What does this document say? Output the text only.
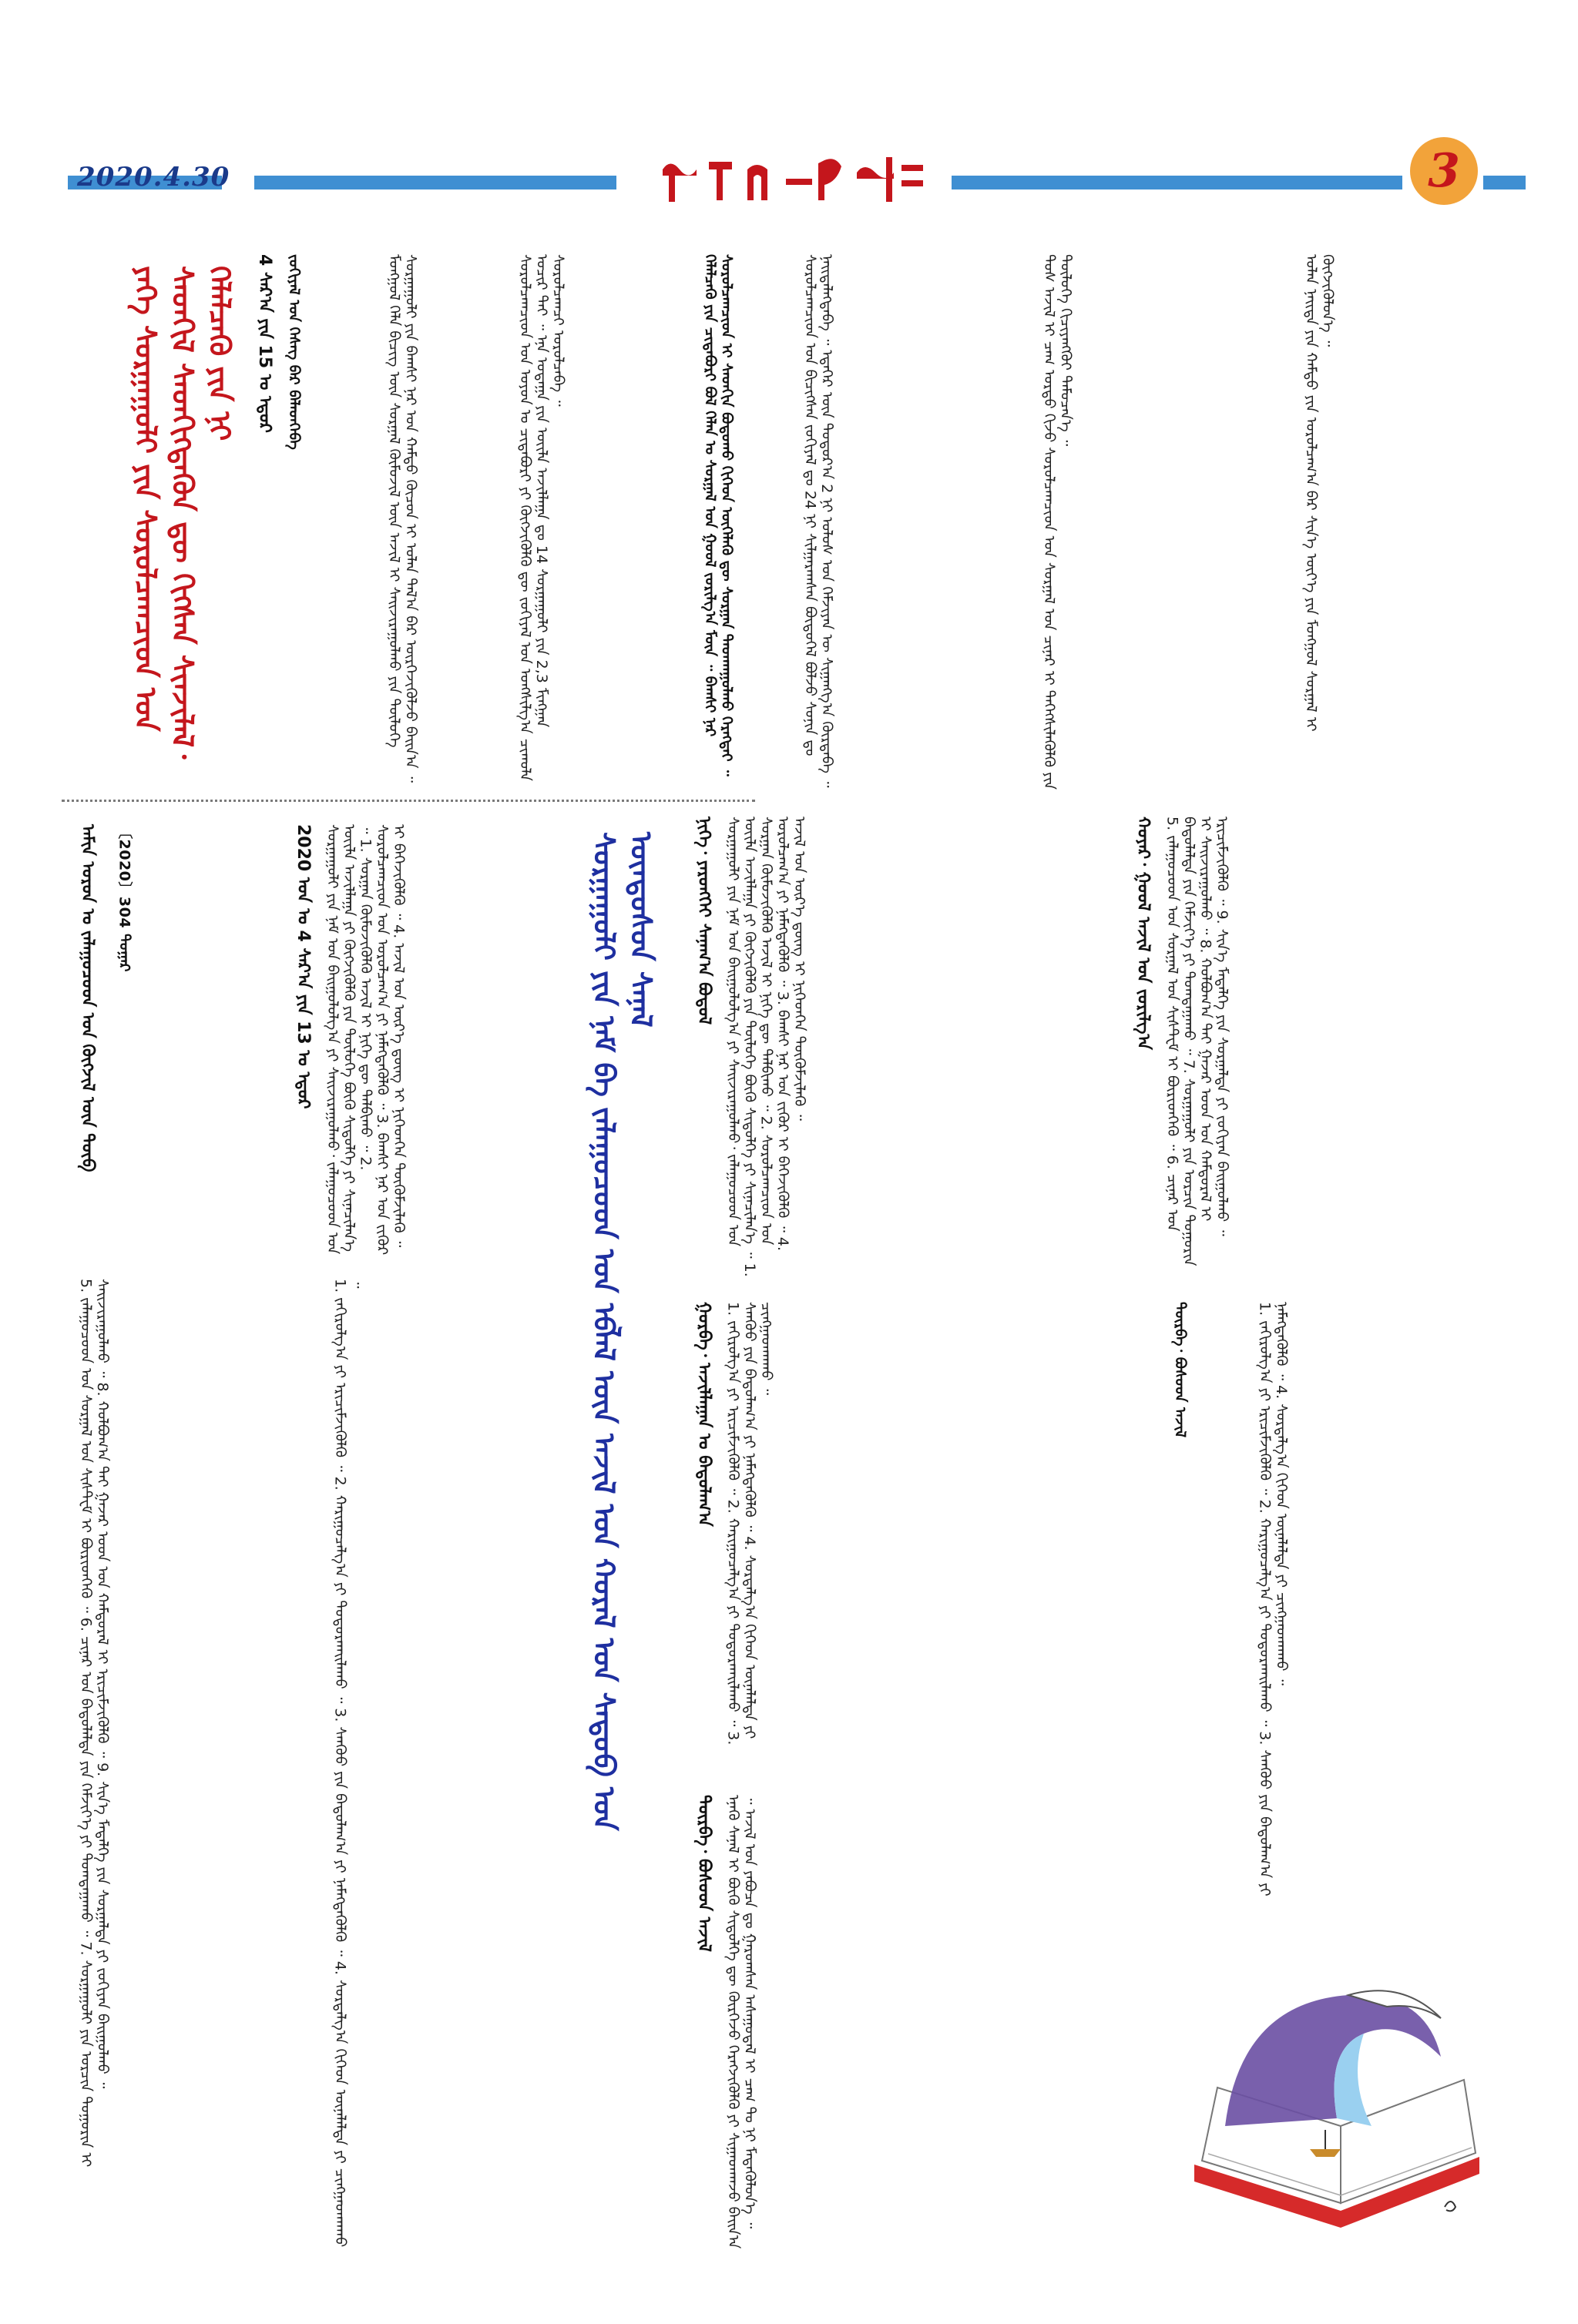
2020.4.30	3
ᠶᠡᠬᠡ ᠰᠤᠷᠭᠠᠭᠤᠯᠢ ᠶᠢᠨ ᠰᠤᠷᠤᠯᠴᠠᠭᠴᠢᠳ ᠤᠨ ᠰᠡᠳᠭᠢᠯ ᠰᠡᠳᠬᠢᠭᠳᠡᠬᠦᠨ ᠳᠦ ᠬᠢᠭᠰᠡᠨ ᠰᠢᠨᠵᠢᠯᠡᠯ᠂ ᠬᠡᠯᠡᠯᠴᠡᠬᠦ ᠶᠢᠨ ᠨᠢ	4 ᠰᠠᠷ᠎ᠠ ᠶᠢᠨ 15 ᠤ ᠡᠳᠦᠷ ᠵᠣᠬᠢᠶᠠᠯ ᠤᠨ ᠬᠡᠰᠡᠭ ᠪᠠᠷ ᠪᠡᠯᠡᠳᠬᠡᠪᠡ	ᠮᠣᠩᠭᠣᠯ ᠬᠡᠯᠡ ᠪᠢᠴᠢᠭ ᠦᠨ ᠰᠤᠷᠭᠠᠯ ᠬᠦᠮᠦᠵᠢᠯ ᠦᠨ ᠠᠵᠢᠯ ᠢ ᠰᠠᠢᠵᠢᠷᠠᠭᠤᠯᠬᠤ ᠶᠢᠨ ᠲᠥᠯᠥᠭᠡ ᠰᠤᠷᠭᠠᠭᠤᠯᠢ ᠶᠢᠨ ᠪᠠᠭᠰᠢ ᠨᠠᠷ ᠤᠨ ᠬᠠᠮᠲᠤ ᠬᠦᠴᠦᠨ ᠢ ᠣᠯᠠᠨ ᠲᠠᠯ᠎ᠠ ᠪᠠᠷ ᠥᠷᠭᠡᠵᠢᠭᠦᠯᠵᠦ ᠪᠠᠢᠨ᠎ᠠ ᠃	ᠰᠤᠷᠤᠯᠴᠠᠭᠴᠢᠳ ᠤᠨ ᠣᠶᠤᠨ ᠤ ᠴᠢᠳᠠᠪᠤᠷᠢ ᠶᠢ ᠬᠥᠭᠵᠢᠭᠦᠯᠬᠦ ᠳᠦ ᠵᠣᠬᠢᠶᠠᠯ ᠤᠨ ᠤᠩᠰᠢᠯᠭ᠎ᠠ ᠴᠢᠬᠤᠯᠠ ᠤᠴᠢᠷ ᠲᠠᠢ ᠃ ᠡᠨᠡ ᠤᠳᠠᠭᠠ ᠶᠢᠨ ᠦᠢᠯᠡ ᠠᠵᠢᠯᠯᠠᠭᠠ ᠳᠤ 14 ᠰᠤᠷᠭᠠᠭᠤᠯᠢ ᠶᠢᠨ 2,3 ᠮᠢᠩᠭᠠᠨ ᠰᠤᠷᠤᠯᠴᠠᠭᠴᠢ ᠣᠷᠣᠯᠴᠠᠪᠠ ᠃	ᠬᠡᠯᠡᠯᠴᠡᠬᠦ ᠶᠢᠨ ᠴᠢᠳᠠᠪᠤᠷᠢ ᠪᠣᠯ ᠬᠡᠯᠡᠨ ᠤ ᠰᠤᠷᠭᠠᠯ ᠤᠨ ᠭᠣᠣᠯ ᠵᠣᠷᠢᠯᠭ᠎ᠠ ᠮᠥᠨ ᠃ ᠪᠠᠭᠰᠢ ᠨᠠᠷ ᠰᠤᠷᠤᠯᠴᠠᠭᠴᠢᠳ ᠢ ᠰᠡᠳᠬᠢᠨ ᠪᠣᠳᠤᠬᠤ ᠬᠢᠭᠡᠳ ᠦᠭᠡᠯᠡᠬᠦ ᠳᠦ ᠰᠤᠷᠭᠠᠨ ᠳᠠᠳᠬᠠᠭᠤᠯᠬᠤ ᠬᠡᠷᠡᠭᠲᠡᠢ ᠃	ᠰᠤᠷᠤᠯᠴᠠᠭᠴᠢᠳ ᠤᠨ ᠪᠢᠴᠢᠭᠰᠡᠨ ᠵᠣᠬᠢᠶᠠᠯ ᠳᠤ 24 ᠨᠢ ᠰᠢᠯᠭᠠᠷᠠᠭᠰᠠᠨ ᠪᠦᠲᠦᠭᠡᠯ ᠪᠣᠯᠵᠤ ᠰᠣᠨᠢᠨ ᠳᠤ ᠨᠡᠢᠲᠡᠯᠡᠭᠳᠡᠪᠡ ᠃ ᠡᠳᠡᠭᠡᠷ ᠦᠨ ᠳᠣᠲᠣᠷ᠎ᠠ 2 ᠨᠢ ᠤᠯᠤᠰ ᠤᠨ ᠬᠡᠮᠵᠢᠶᠡᠨ ᠦ ᠰᠢᠭᠠᠩᠭ᠎ᠠ ᠬᠦᠷᠲᠡᠪᠡ ᠃	ᠲᠤᠰ ᠠᠵᠢᠯ ᠢ ᠴᠠᠭ ᠤᠷᠲᠤ ᠬᠢᠵᠦ ᠰᠤᠷᠤᠯᠴᠠᠭᠴᠢᠳ ᠤᠨ ᠰᠤᠷᠭᠠᠯ ᠤᠨ ᠴᠢᠨᠠᠷ ᠢ ᠳᠡᠭᠡᠭᠰᠢᠯᠡᠭᠦᠯᠬᠦ ᠶᠢᠨ ᠲᠥᠯᠥᠭᠡ ᠬᠢᠴᠢᠶᠡᠩᠭᠦᠢ ᠲᠡᠮᠦᠴᠡᠨ᠎ᠡ ᠃	ᠣᠯᠠᠨ ᠨᠡᠢᠲᠡ ᠶᠢᠨ ᠬᠠᠮᠲᠤ ᠶᠢᠨ ᠣᠷᠣᠯᠴᠠᠭ᠎ᠠ ᠪᠠᠷ ᠰᠢᠨ᠎ᠡ ᠦᠶ᠎ᠡ ᠶᠢᠨ ᠮᠣᠩᠭᠣᠯ ᠰᠤᠷᠭᠠᠯ ᠢ ᠬᠥᠭᠵᠢᠭᠦᠯᠦᠨ᠎ᠡ ᠃
ᠠᠮᠢᠨ ᠣᠷᠣᠨ ᠤ ᠵᠠᠯᠠᠭᠤᠴᠤᠳ ᠤᠨ ᠬᠥᠭᠵᠢᠯ ᠦᠨ ᠲᠥᠪ 〔2020〕304 ᠳᠤᠭᠠᠷ	2020 ᠣᠨ ᠤ 4 ᠰᠠᠷ᠎ᠠ ᠶᠢᠨ 13 ᠤ ᠡᠳᠦᠷ ᠰᠤᠷᠭᠠᠭᠤᠯᠢ ᠶᠢᠨ ᠨᠠᠮ ᠤᠨ ᠪᠠᠢᠭᠤᠯᠤᠯᠭ᠎ᠠ ᠶᠢ ᠰᠠᠢᠵᠢᠷᠠᠭᠤᠯᠬᠤ᠂ ᠵᠠᠯᠠᠭᠤᠴᠤᠳ ᠤᠨ ᠦᠢᠯᠡ ᠠᠵᠢᠯᠯᠠᠭᠠ ᠶᠢ ᠬᠥᠭᠵᠢᠭᠦᠯᠬᠦ ᠶᠢᠨ ᠲᠥᠯᠥᠭᠡ ᠪᠦᠬᠦ ᠰᠢᠲᠦᠯᠭᠡ ᠶᠢ ᠰᠢᠨᠡᠴᠢᠯᠡᠨ᠎ᠡ ᠃ 1. ᠰᠤᠷᠭᠠᠨ ᠬᠦᠮᠦᠵᠢᠭᠦᠯᠬᠦ ᠠᠵᠢᠯ ᠢ ᠨᠢᠭᠡ ᠳᠦ ᠲᠠᠯᠪᠢᠬᠤ ᠃ 2. ᠰᠤᠷᠤᠯᠴᠠᠭᠴᠢᠳ ᠤᠨ ᠣᠷᠣᠯᠴᠠᠭ᠎ᠠ ᠶᠢ ᠨᠡᠮᠡᠭᠳᠡᠭᠦᠯᠬᠦ ᠃ 3. ᠪᠠᠭᠰᠢ ᠨᠠᠷ ᠤᠨ ᠵᠢᠭᠦᠷ ᠢ ᠪᠡᠬᠡᠵᠢᠭᠦᠯᠬᠦ ᠃ 4. ᠠᠵᠢᠯ ᠤᠨ ᠦᠷ᠎ᠡ ᠳ᠋ᠦᠩ ᠢ ᠨᠢᠭᠡᠳᠬᠡᠨ ᠳᠦᠭᠦᠮᠵᠢᠯᠡᠬᠦ ᠃	ᠰᠤᠷᠭᠠᠭᠤᠯᠢ ᠶᠢᠨ ᠨᠠᠮ ᠪᠠ ᠵᠠᠯᠠᠭᠤᠴᠤᠳ ᠤᠨ ᠡᠪᠯᠡᠯ ᠦᠨ ᠠᠵᠢᠯ ᠤᠨ ᠬᠤᠷᠠᠯ ᠤᠨ ᠰᠡᠳᠦᠪ ᠤᠨ ᠦᠨᠳᠦᠰᠦᠨ ᠰᠠᠨᠠᠯ
5. ᠵᠠᠯᠠᠭᠤᠴᠤᠳ ᠤᠨ ᠰᠤᠷᠭᠠᠯ ᠤᠨ ᠰᠢᠰᠲ᠋ᠧᠮ ᠢ ᠪᠦᠷᠢᠳᠬᠡᠬᠦ ᠃ 6. ᠴᠢᠨᠠᠷ ᠤᠨ ᠪᠠᠲᠤᠯᠠᠯᠲᠠ ᠶᠢᠨ ᠬᠡᠮᠵᠢᠶ᠎ᠡ ᠶᠢ ᠲᠣᠭᠲᠠᠭᠠᠬᠤ ᠃ 7. ᠰᠤᠷᠭᠠᠭᠤᠯᠢ ᠶᠢᠨ ᠣᠷᠴᠢᠨ ᠲᠣᠭᠣᠷᠢᠨ ᠢ ᠰᠠᠢᠵᠢᠷᠠᠭᠤᠯᠬᠤ ᠃ 8. ᠬᠣᠯᠪᠣᠭ᠎ᠠ ᠲᠠᠢ ᠭᠠᠵᠠᠷ ᠤᠳ ᠤᠨ ᠬᠠᠮᠲᠤᠷᠠᠯ ᠢ ᠡᠷᠢᠴᠢᠮᠵᠢᠭᠦᠯᠬᠦ ᠃ 9. ᠰᠢᠨ᠎ᠡ ᠮᠡᠳᠡᠯᠭᠡ ᠶᠢᠨ ᠰᠤᠷᠭᠠᠯᠲᠠ ᠶᠢ ᠵᠣᠬᠢᠶᠠᠨ ᠪᠠᠢᠭᠤᠯᠬᠤ ᠃	1. ᠵᠠᠬᠢᠷᠤᠯᠭ᠎ᠠ ᠶᠢ ᠡᠷᠢᠴᠢᠮᠵᠢᠭᠦᠯᠬᠦ ᠃ 2. ᠬᠠᠷᠢᠭᠤᠴᠠᠯᠭ᠎ᠠ ᠶᠢ ᠲᠣᠳᠣᠷᠬᠠᠢᠯᠠᠬᠤ ᠃ 3. ᠰᠠᠨᠬᠦᠦ ᠶᠢᠨ ᠪᠠᠲᠤᠯᠠᠭ᠎ᠠ ᠶᠢ ᠨᠡᠮᠡᠭᠳᠡᠭᠦᠯᠬᠦ ᠃ 4. ᠰᠤᠷᠳᠠᠯᠭ᠎ᠠ ᠬᠢᠭᠡᠳ ᠦᠨᠡᠯᠡᠯᠲᠡ ᠶᠢ ᠴᠢᠩᠭᠠᠳᠬᠠᠬᠤ ᠃
ᠨᠢᠭᠡ᠂ ᠶᠡᠷᠦᠩᠬᠡᠢ ᠰᠠᠨᠠᠭ᠎ᠠ ᠪᠣᠳᠤᠯ ᠰᠤᠷᠭᠠᠭᠤᠯᠢ ᠶᠢᠨ ᠨᠠᠮ ᠤᠨ ᠪᠠᠢᠭᠤᠯᠤᠯᠭ᠎ᠠ ᠶᠢ ᠰᠠᠢᠵᠢᠷᠠᠭᠤᠯᠬᠤ᠂ ᠵᠠᠯᠠᠭᠤᠴᠤᠳ ᠤᠨ ᠦᠢᠯᠡ ᠠᠵᠢᠯᠯᠠᠭᠠ ᠶᠢ ᠬᠥᠭᠵᠢᠭᠦᠯᠬᠦ ᠶᠢᠨ ᠲᠥᠯᠥᠭᠡ ᠪᠦᠬᠦ ᠰᠢᠲᠦᠯᠭᠡ ᠶᠢ ᠰᠢᠨᠡᠴᠢᠯᠡᠨ᠎ᠡ ᠃ 1. ᠰᠤᠷᠭᠠᠨ ᠬᠦᠮᠦᠵᠢᠭᠦᠯᠬᠦ ᠠᠵᠢᠯ ᠢ ᠨᠢᠭᠡ ᠳᠦ ᠲᠠᠯᠪᠢᠬᠤ ᠃ 2. ᠰᠤᠷᠤᠯᠴᠠᠭᠴᠢᠳ ᠤᠨ ᠣᠷᠣᠯᠴᠠᠭ᠎ᠠ ᠶᠢ ᠨᠡᠮᠡᠭᠳᠡᠭᠦᠯᠬᠦ ᠃ 3. ᠪᠠᠭᠰᠢ ᠨᠠᠷ ᠤᠨ ᠵᠢᠭᠦᠷ ᠢ ᠪᠡᠬᠡᠵᠢᠭᠦᠯᠬᠦ ᠃ 4. ᠠᠵᠢᠯ ᠤᠨ ᠦᠷ᠎ᠡ ᠳ᠋ᠦᠩ ᠢ ᠨᠢᠭᠡᠳᠬᠡᠨ ᠳᠦᠭᠦᠮᠵᠢᠯᠡᠬᠦ ᠃	ᠬᠣᠶᠠᠷ᠂ ᠭᠣᠣᠯ ᠠᠵᠢᠯ ᠤᠨ ᠵᠣᠷᠢᠯᠭ᠎ᠠ 5. ᠵᠠᠯᠠᠭᠤᠴᠤᠳ ᠤᠨ ᠰᠤᠷᠭᠠᠯ ᠤᠨ ᠰᠢᠰᠲ᠋ᠧᠮ ᠢ ᠪᠦᠷᠢᠳᠬᠡᠬᠦ ᠃ 6. ᠴᠢᠨᠠᠷ ᠤᠨ ᠪᠠᠲᠤᠯᠠᠯᠲᠠ ᠶᠢᠨ ᠬᠡᠮᠵᠢᠶ᠎ᠡ ᠶᠢ ᠲᠣᠭᠲᠠᠭᠠᠬᠤ ᠃ 7. ᠰᠤᠷᠭᠠᠭᠤᠯᠢ ᠶᠢᠨ ᠣᠷᠴᠢᠨ ᠲᠣᠭᠣᠷᠢᠨ ᠢ ᠰᠠᠢᠵᠢᠷᠠᠭᠤᠯᠬᠤ ᠃ 8. ᠬᠣᠯᠪᠣᠭ᠎ᠠ ᠲᠠᠢ ᠭᠠᠵᠠᠷ ᠤᠳ ᠤᠨ ᠬᠠᠮᠲᠤᠷᠠᠯ ᠢ ᠡᠷᠢᠴᠢᠮᠵᠢᠭᠦᠯᠬᠦ ᠃ 9. ᠰᠢᠨ᠎ᠡ ᠮᠡᠳᠡᠯᠭᠡ ᠶᠢᠨ ᠰᠤᠷᠭᠠᠯᠲᠠ ᠶᠢ ᠵᠣᠬᠢᠶᠠᠨ ᠪᠠᠢᠭᠤᠯᠬᠤ ᠃
ᠭᠤᠷᠪᠠ᠂ ᠠᠵᠢᠯᠯᠠᠭᠠᠨ ᠤ ᠪᠠᠲᠤᠯᠠᠭ᠎ᠠ 1. ᠵᠠᠬᠢᠷᠤᠯᠭ᠎ᠠ ᠶᠢ ᠡᠷᠢᠴᠢᠮᠵᠢᠭᠦᠯᠬᠦ ᠃ 2. ᠬᠠᠷᠢᠭᠤᠴᠠᠯᠭ᠎ᠠ ᠶᠢ ᠲᠣᠳᠣᠷᠬᠠᠢᠯᠠᠬᠤ ᠃ 3. ᠰᠠᠨᠬᠦᠦ ᠶᠢᠨ ᠪᠠᠲᠤᠯᠠᠭ᠎ᠠ ᠶᠢ ᠨᠡᠮᠡᠭᠳᠡᠭᠦᠯᠬᠦ ᠃ 4. ᠰᠤᠷᠳᠠᠯᠭ᠎ᠠ ᠬᠢᠭᠡᠳ ᠦᠨᠡᠯᠡᠯᠲᠡ ᠶᠢ ᠴᠢᠩᠭᠠᠳᠬᠠᠬᠤ ᠃
ᠳᠥᠷᠪᠡ᠂ ᠪᠤᠰᠤᠳ ᠠᠵᠢᠯ ᠡᠨᠡᠬᠦ ᠰᠠᠨᠠᠯ ᠢ ᠪᠦᠬᠦ ᠰᠢᠲᠦᠯᠭᠡ ᠳᠦ ᠬᠦᠷᠭᠡᠵᠦ ᠬᠡᠷᠡᠭᠵᠢᠭᠦᠯᠬᠦ ᠶᠢ ᠰᠢᠭᠠᠳᠬᠠᠵᠤ ᠪᠠᠢᠨ᠎ᠠ ᠃ ᠠᠵᠢᠯ ᠤᠨ ᠶᠠᠪᠤᠴᠠ ᠳᠤ ᠭᠠᠷᠤᠭᠰᠠᠨ ᠠᠰᠠᠭᠤᠳᠠᠯ ᠢ ᠴᠠᠭ ᠲᠤ ᠨᠢ ᠮᠡᠳᠡᠭᠦᠯᠦᠨ᠎ᠡ ᠃
ᠳᠥᠷᠪᠡ᠂ ᠪᠤᠰᠤᠳ ᠠᠵᠢᠯ	1. ᠵᠠᠬᠢᠷᠤᠯᠭ᠎ᠠ ᠶᠢ ᠡᠷᠢᠴᠢᠮᠵᠢᠭᠦᠯᠬᠦ ᠃ 2. ᠬᠠᠷᠢᠭᠤᠴᠠᠯᠭ᠎ᠠ ᠶᠢ ᠲᠣᠳᠣᠷᠬᠠᠢᠯᠠᠬᠤ ᠃ 3. ᠰᠠᠨᠬᠦᠦ ᠶᠢᠨ ᠪᠠᠲᠤᠯᠠᠭ᠎ᠠ ᠶᠢ ᠨᠡᠮᠡᠭᠳᠡᠭᠦᠯᠬᠦ ᠃ 4. ᠰᠤᠷᠳᠠᠯᠭ᠎ᠠ ᠬᠢᠭᠡᠳ ᠦᠨᠡᠯᠡᠯᠲᠡ ᠶᠢ ᠴᠢᠩᠭᠠᠳᠬᠠᠬᠤ ᠃
